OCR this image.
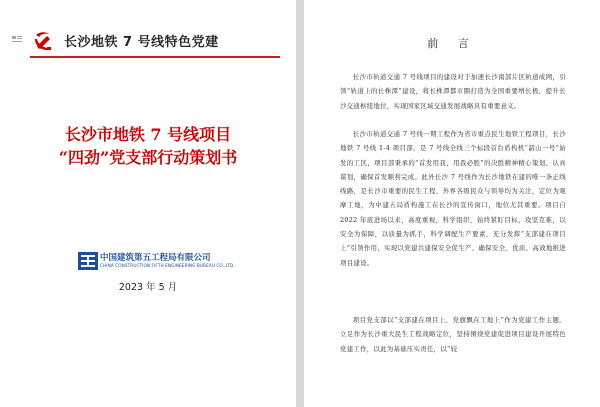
长沙地铁 7 号线特色党建
长沙市地铁 7 号线项目
“四劲”党支部行动策划书
中国建筑第五工程局有限公司
CHINA CONSTRUCTION FIFTH ENGINEERING BUREAU CO.,LTD.
2023 年 5 月
前 言

长沙市轨道交通 7 号线项目的建设对于加速长沙南部片区轨道成网，引领“轨道上的长株潭”建设，将长株潭都市圈打造为全国重要增长极，提升长沙交通枢纽地位，实现国家区域交通发展战略具有重要意义。

长沙市轨道交通 7 号线一期工程作为省市重点民生地铁工程项目，长沙地铁 7 号线 1-4 项目部，是 7 号线全线三个标段首台盾构机“韶山一号”始发的工区，项目部秉承的“首发用我，用我必胜”的决胜精神精心策划、认真谋划，确保首发顺利完成。此外长沙 7 号线作为长沙地铁在建的唯一条正线线路，是长沙市重要的民生工程，外界各级民众与领导均为关注，定位为观摩工地，为中建五局盾构施工在长沙的宣传窗口，地位尤其重要。项目自 2022 年底进场以来，高度重视，科学组织，始终紧盯目标，攻坚克难，以安全为保障，以质量为抓手，科学调配生产要素，充分发挥“支部建在项目上”引领作用，实现以党建共建保安全促生产、确保安全、优质、高效地推进项目建设。

项目党支部以“支部建在项目上，党旗飘在工地上”作为党建工作主题。立足作为长沙重大民生工程战略定位，坚持围绕党建促进项目建设开展特色党建工作，以此为基础压实责任，以“较
